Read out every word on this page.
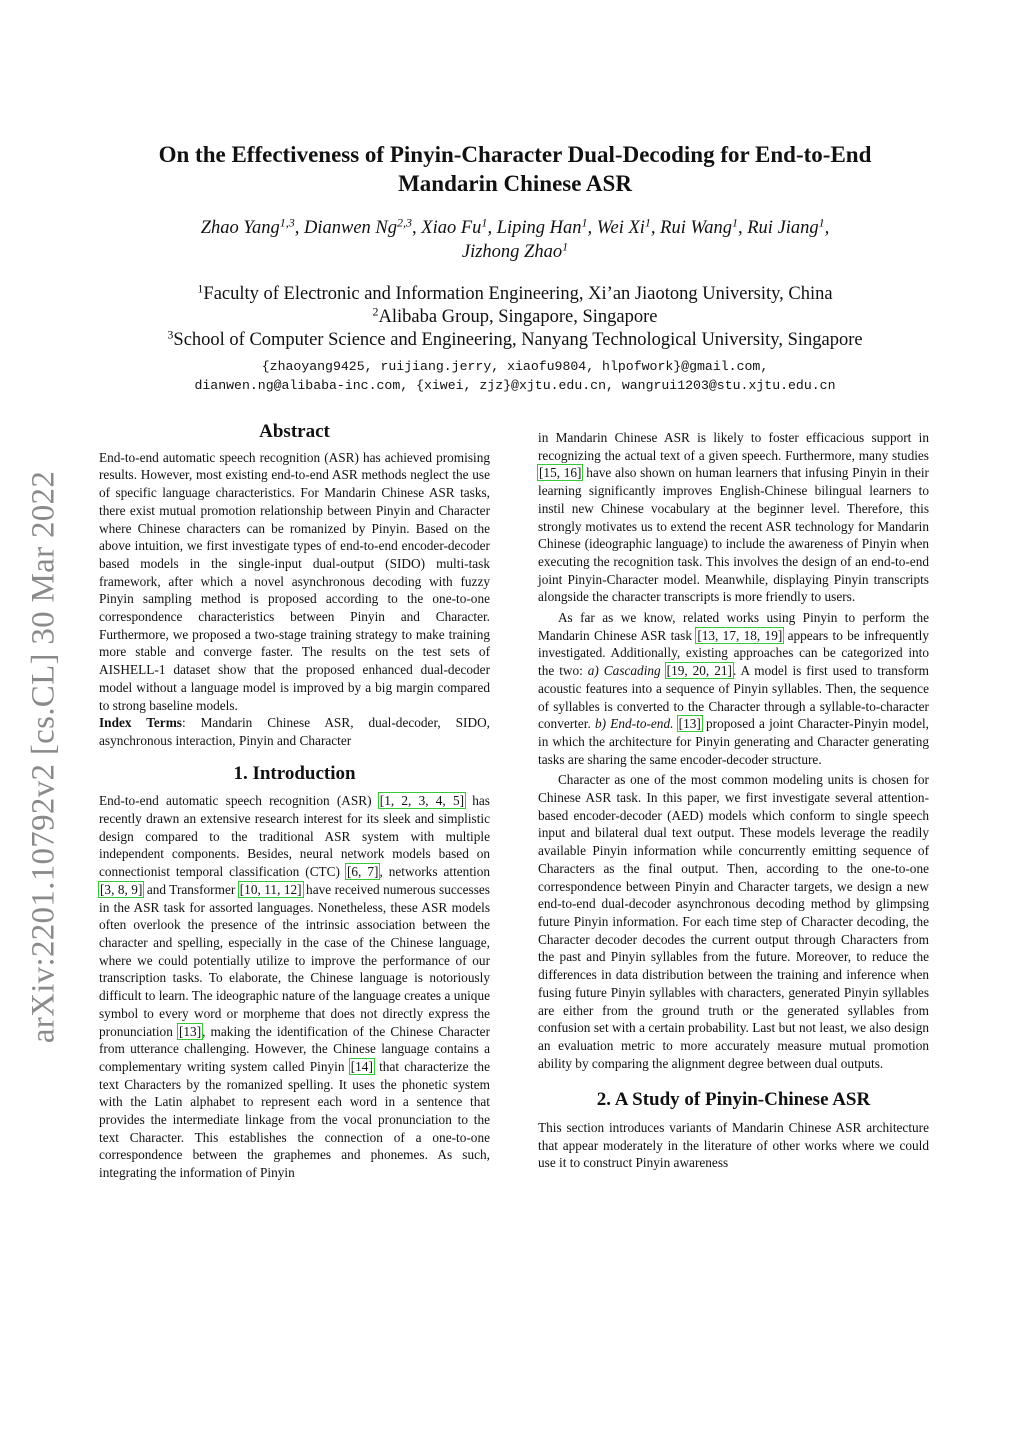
arXiv:2201.10792v2 [cs.CL] 30 Mar 2022
On the Effectiveness of Pinyin-Character Dual-Decoding for End-to-End
Mandarin Chinese ASR
Zhao Yang$^{1,3}$, Dianwen Ng$^{2,3}$, Xiao Fu$^1$, Liping Han$^1$, Wei Xi$^1$, Rui Wang$^1$, Rui Jiang$^1$,
Jizhong Zhao$^1$
$^1$Faculty of Electronic and Information Engineering, Xi’an Jiaotong University, China
$^2$Alibaba Group, Singapore, Singapore
$^3$School of Computer Science and Engineering, Nanyang Technological University, Singapore
{zhaoyang9425, ruijiang.jerry, xiaofu9804, hlpofwork}@gmail.com,
dianwen.ng@alibaba-inc.com, {xiwei, zjz}@xjtu.edu.cn, wangrui1203@stu.xjtu.edu.cn

Abstract

End-to-end automatic speech recognition (ASR) has achieved promising results. However, most existing end-to-end ASR methods neglect the use of specific language characteristics. For Mandarin Chinese ASR tasks, there exist mutual promotion relationship between Pinyin and Character where Chinese characters can be romanized by Pinyin. Based on the above intuition, we first investigate types of end-to-end encoder-decoder based models in the single-input dual-output (SIDO) multi-task framework, after which a novel asynchronous decoding with fuzzy Pinyin sampling method is proposed according to the one-to-one correspondence characteristics between Pinyin and Character. Furthermore, we proposed a two-stage training strategy to make training more stable and converge faster. The results on the test sets of AISHELL-1 dataset show that the proposed enhanced dual-decoder model without a language model is improved by a big margin compared to strong baseline models.

Index Terms: Mandarin Chinese ASR, dual-decoder, SIDO, asynchronous interaction, Pinyin and Character

1. Introduction

End-to-end automatic speech recognition (ASR) [1, 2, 3, 4, 5] has recently drawn an extensive research interest for its sleek and simplistic design compared to the traditional ASR system with multiple independent components. Besides, neural network models based on connectionist temporal classification (CTC) [6, 7], networks attention [3, 8, 9] and Transformer [10, 11, 12] have received numerous successes in the ASR task for assorted languages. Nonetheless, these ASR models often overlook the presence of the intrinsic association between the character and spelling, especially in the case of the Chinese language, where we could potentially utilize to improve the performance of our transcription tasks. To elaborate, the Chinese language is notoriously difficult to learn. The ideographic nature of the language creates a unique symbol to every word or morpheme that does not directly express the pronunciation [13], making the identification of the Chinese Character from utterance challenging. However, the Chinese language contains a complementary writing system called Pinyin [14] that characterize the text Characters by the romanized spelling. It uses the phonetic system with the Latin alphabet to represent each word in a sentence that provides the intermediate linkage from the vocal pronunciation to the text Character. This establishes the connection of a one-to-one correspondence between the graphemes and phonemes. As such, integrating the information of Pinyin

in Mandarin Chinese ASR is likely to foster efficacious support in recognizing the actual text of a given speech. Furthermore, many studies [15, 16] have also shown on human learners that infusing Pinyin in their learning significantly improves English-Chinese bilingual learners to instil new Chinese vocabulary at the beginner level. Therefore, this strongly motivates us to extend the recent ASR technology for Mandarin Chinese (ideographic language) to include the awareness of Pinyin when executing the recognition task. This involves the design of an end-to-end joint Pinyin-Character model. Meanwhile, displaying Pinyin transcripts alongside the character transcripts is more friendly to users.

As far as we know, related works using Pinyin to perform the Mandarin Chinese ASR task [13, 17, 18, 19] appears to be infrequently investigated. Additionally, existing approaches can be categorized into the two: a) Cascading [19, 20, 21]. A model is first used to transform acoustic features into a sequence of Pinyin syllables. Then, the sequence of syllables is converted to the Character through a syllable-to-character converter. b) End-to-end. [13] proposed a joint Character-Pinyin model, in which the architecture for Pinyin generating and Character generating tasks are sharing the same encoder-decoder structure.

Character as one of the most common modeling units is chosen for Chinese ASR task. In this paper, we first investigate several attention-based encoder-decoder (AED) models which conform to single speech input and bilateral dual text output. These models leverage the readily available Pinyin information while concurrently emitting sequence of Characters as the final output. Then, according to the one-to-one correspondence between Pinyin and Character targets, we design a new end-to-end dual-decoder asynchronous decoding method by glimpsing future Pinyin information. For each time step of Character decoding, the Character decoder decodes the current output through Characters from the past and Pinyin syllables from the future. Moreover, to reduce the differences in data distribution between the training and inference when fusing future Pinyin syllables with characters, generated Pinyin syllables are either from the ground truth or the generated syllables from confusion set with a certain probability. Last but not least, we also design an evaluation metric to more accurately measure mutual promotion ability by comparing the alignment degree between dual outputs.

2. A Study of Pinyin-Chinese ASR

This section introduces variants of Mandarin Chinese ASR architecture that appear moderately in the literature of other works where we could use it to construct Pinyin awareness
